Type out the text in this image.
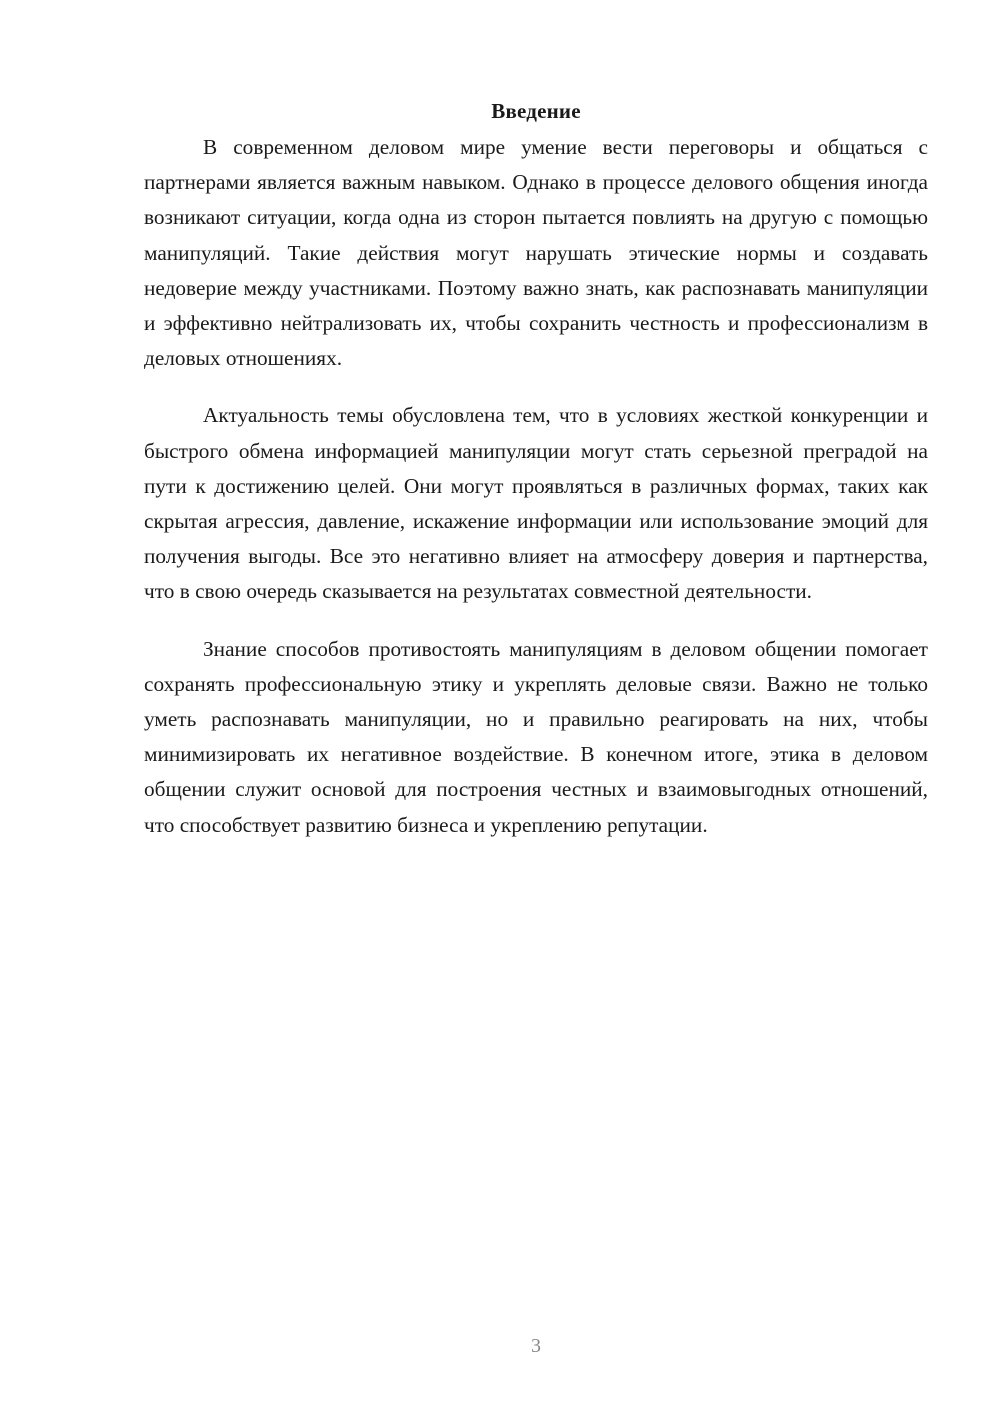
Введение

В современном деловом мире умение вести переговоры и общаться с партнерами является важным навыком. Однако в процессе делового общения иногда возникают ситуации, когда одна из сторон пытается повлиять на другую с помощью манипуляций. Такие действия могут нарушать этические нормы и создавать недоверие между участниками. Поэтому важно знать, как распознавать манипуляции и эффективно нейтрализовать их, чтобы сохранить честность и профессионализм в деловых отношениях.

Актуальность темы обусловлена тем, что в условиях жесткой конкуренции и быстрого обмена информацией манипуляции могут стать серьезной преградой на пути к достижению целей. Они могут проявляться в различных формах, таких как скрытая агрессия, давление, искажение информации или использование эмоций для получения выгоды. Все это негативно влияет на атмосферу доверия и партнерства, что в свою очередь сказывается на результатах совместной деятельности.

Знание способов противостоять манипуляциям в деловом общении помогает сохранять профессиональную этику и укреплять деловые связи. Важно не только уметь распознавать манипуляции, но и правильно реагировать на них, чтобы минимизировать их негативное воздействие. В конечном итоге, этика в деловом общении служит основой для построения честных и взаимовыгодных отношений, что способствует развитию бизнеса и укреплению репутации.

3
